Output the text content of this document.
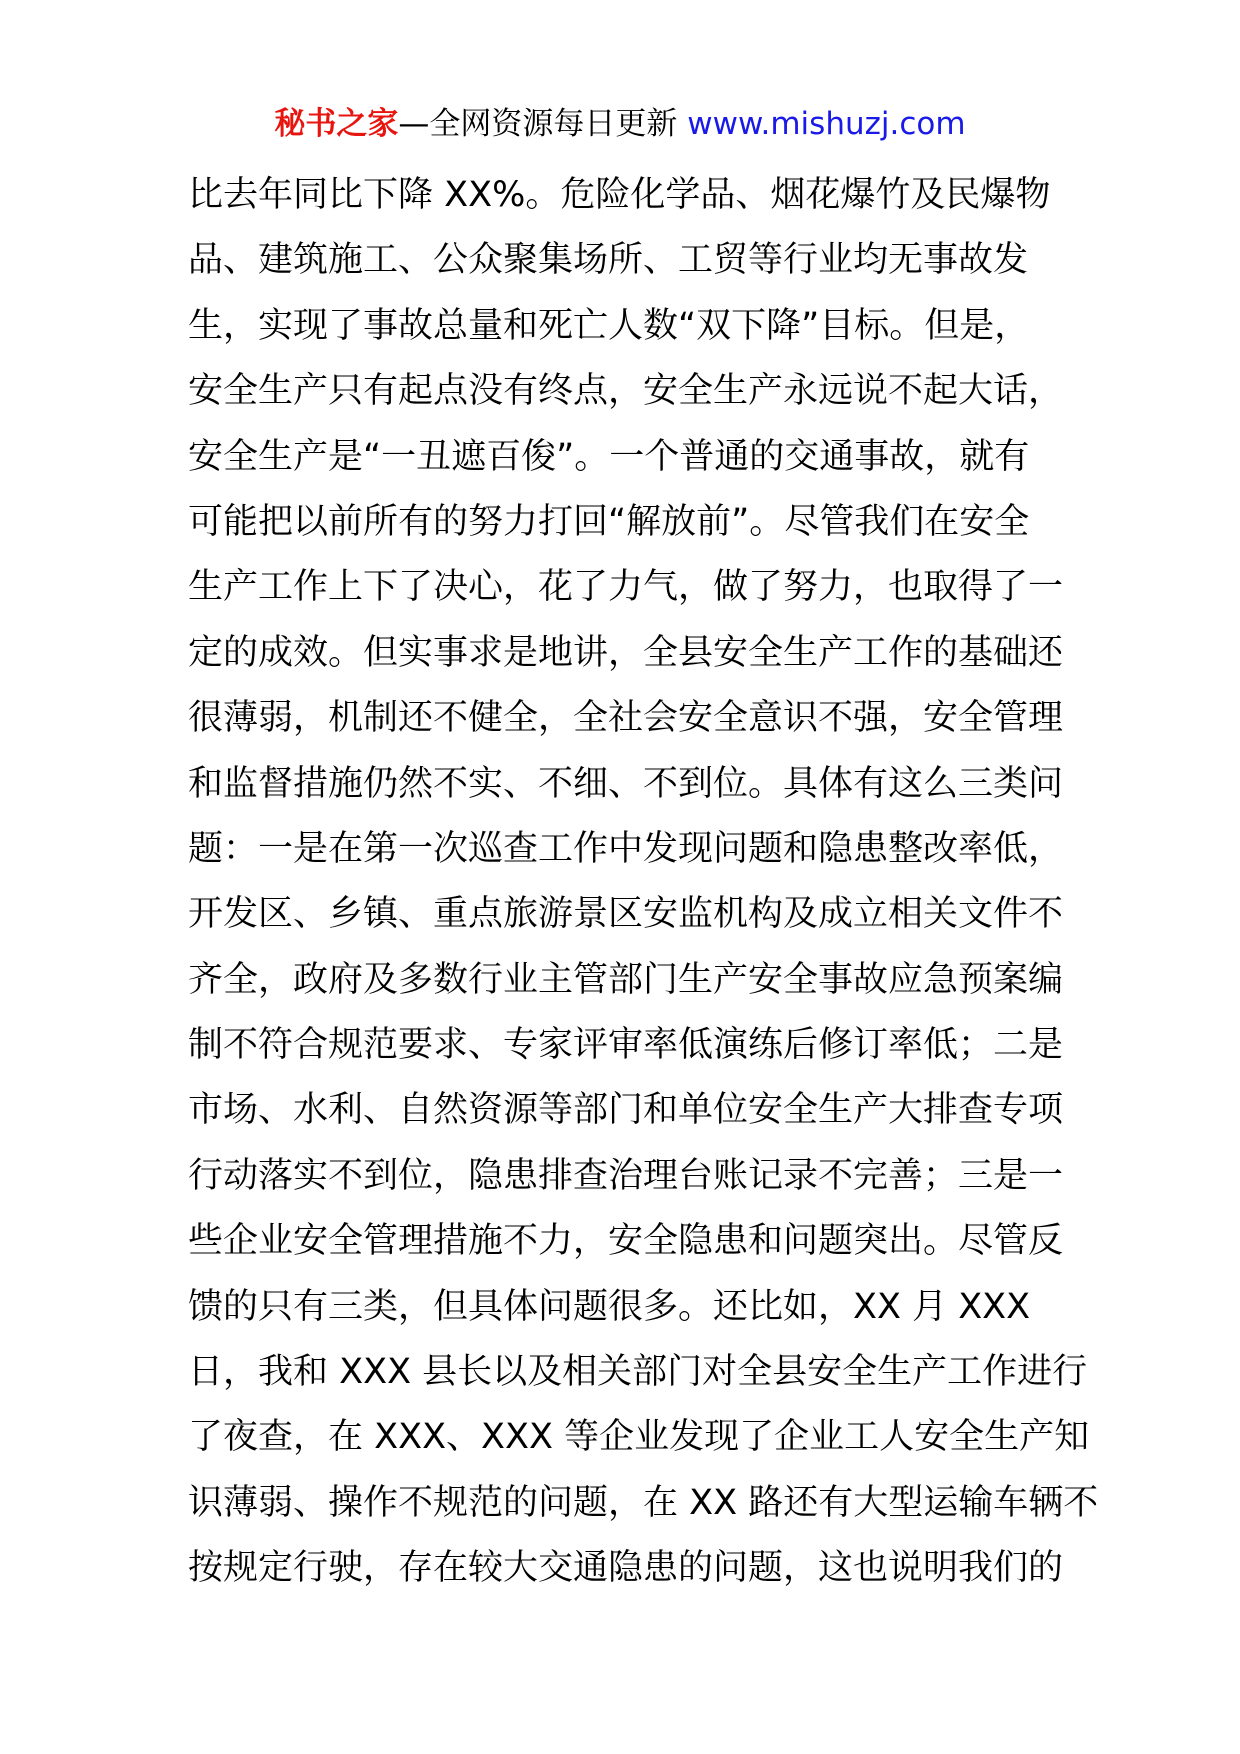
秘书之家—全网资源每日更新 www.mishuzj.com
比去年同比下降 XX%。危险化学品、烟花爆竹及民爆物
品、建筑施工、公众聚集场所、工贸等行业均无事故发
生，实现了事故总量和死亡人数“双下降”目标。但是，
安全生产只有起点没有终点，安全生产永远说不起大话，
安全生产是“一丑遮百俊”。一个普通的交通事故，就有
可能把以前所有的努力打回“解放前”。尽管我们在安全
生产工作上下了决心，花了力气，做了努力，也取得了一
定的成效。但实事求是地讲，全县安全生产工作的基础还
很薄弱，机制还不健全，全社会安全意识不强，安全管理
和监督措施仍然不实、不细、不到位。具体有这么三类问
题：一是在第一次巡查工作中发现问题和隐患整改率低，
开发区、乡镇、重点旅游景区安监机构及成立相关文件不
齐全，政府及多数行业主管部门生产安全事故应急预案编
制不符合规范要求、专家评审率低演练后修订率低；二是
市场、水利、自然资源等部门和单位安全生产大排查专项
行动落实不到位，隐患排查治理台账记录不完善；三是一
些企业安全管理措施不力，安全隐患和问题突出。尽管反
馈的只有三类，但具体问题很多。还比如，XX 月 XXX
日，我和 XXX 县长以及相关部门对全县安全生产工作进行
了夜查，在 XXX、XXX 等企业发现了企业工人安全生产知
识薄弱、操作不规范的问题，在 XX 路还有大型运输车辆不
按规定行驶，存在较大交通隐患的问题，这也说明我们的
